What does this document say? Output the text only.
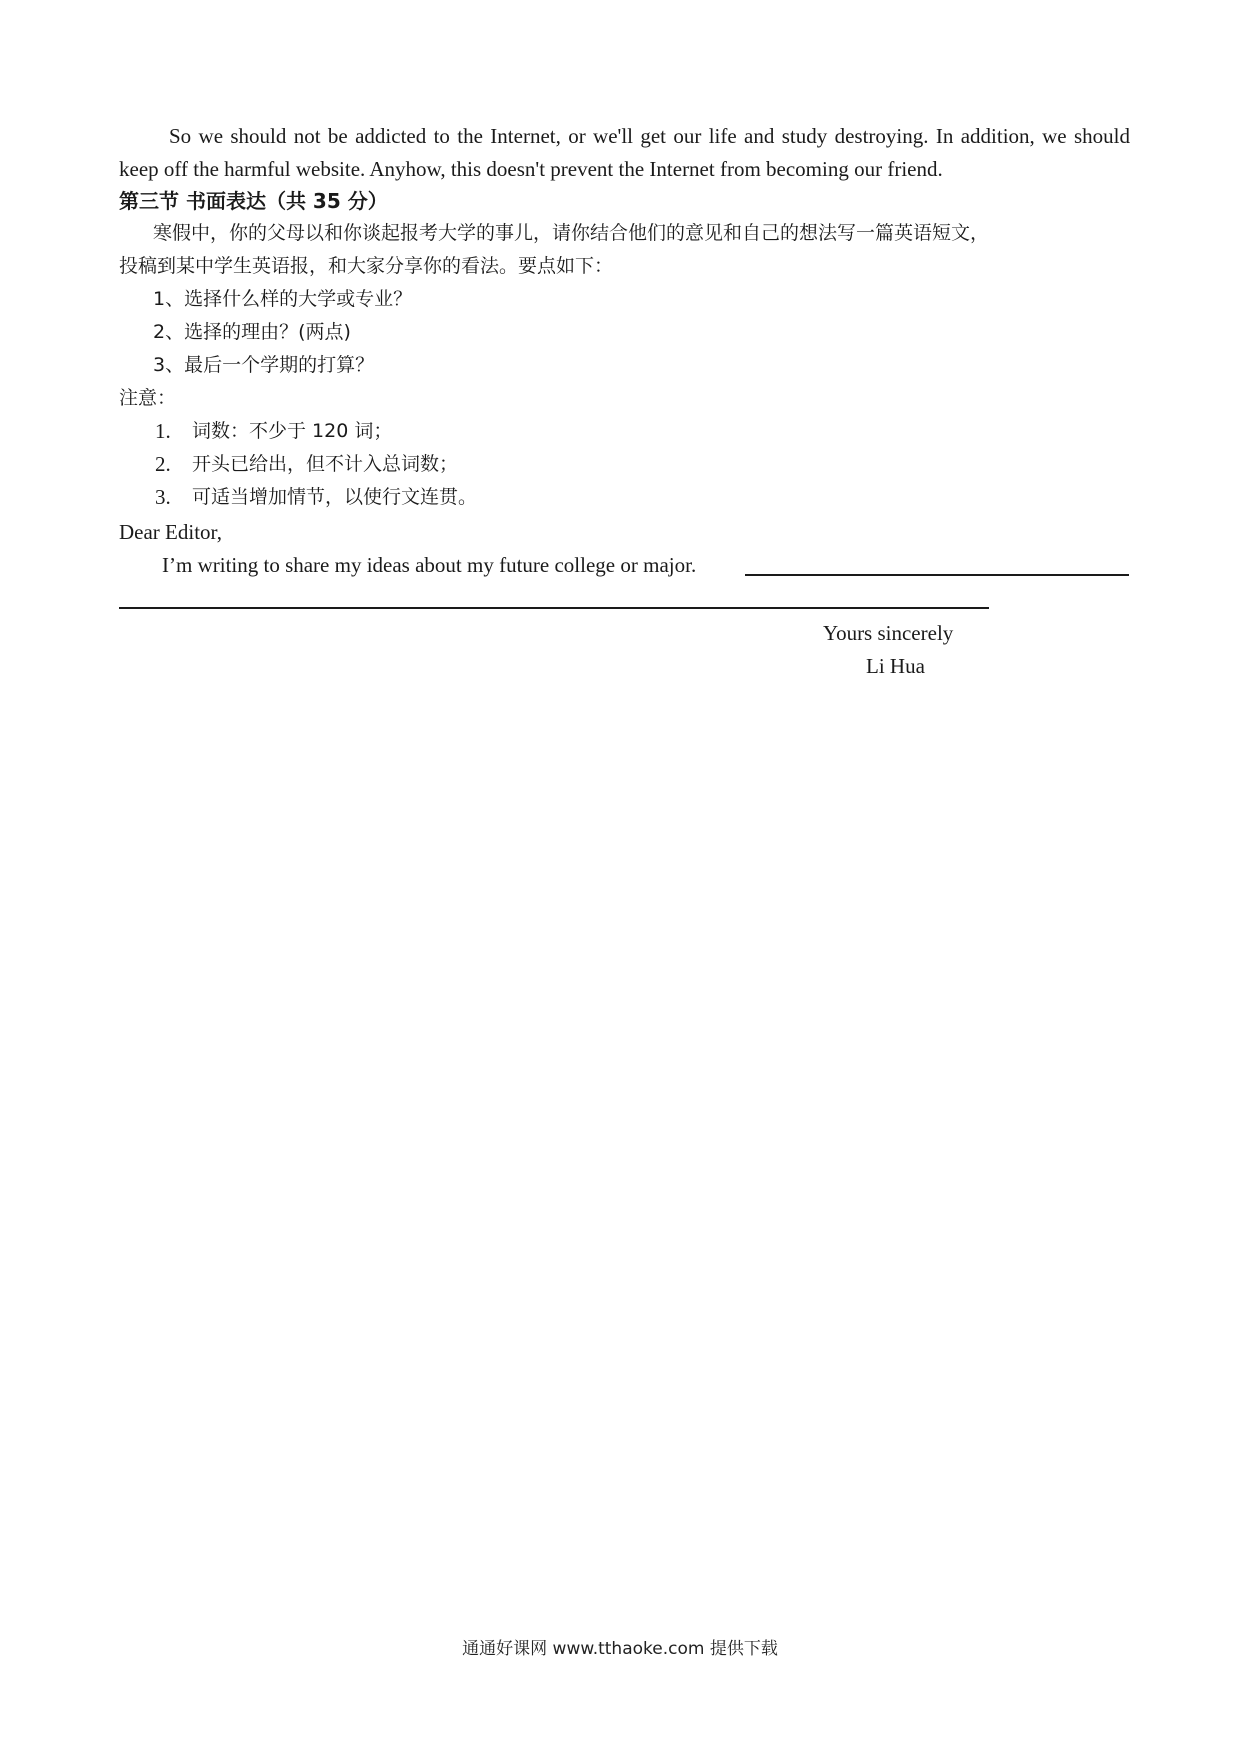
So we should not be addicted to the Internet, or we'll get our life and study destroying. In addition, we should keep off the harmful website. Anyhow, this doesn't prevent the Internet from becoming our friend.
第三节 书面表达（共 35 分）
寒假中，你的父母以和你谈起报考大学的事儿，请你结合他们的意见和自己的想法写一篇英语短文，
投稿到某中学生英语报，和大家分享你的看法。要点如下：
1、选择什么样的大学或专业？
2、选择的理由？(两点)
3、最后一个学期的打算？
注意：
1. 词数：不少于 120 词；
2. 开头已给出，但不计入总词数；
3. 可适当增加情节，以使行文连贯。
Dear Editor,
I’m writing to share my ideas about my future college or major.
Yours sincerely
Li Hua
通通好课网 www.tthaoke.com 提供下载
